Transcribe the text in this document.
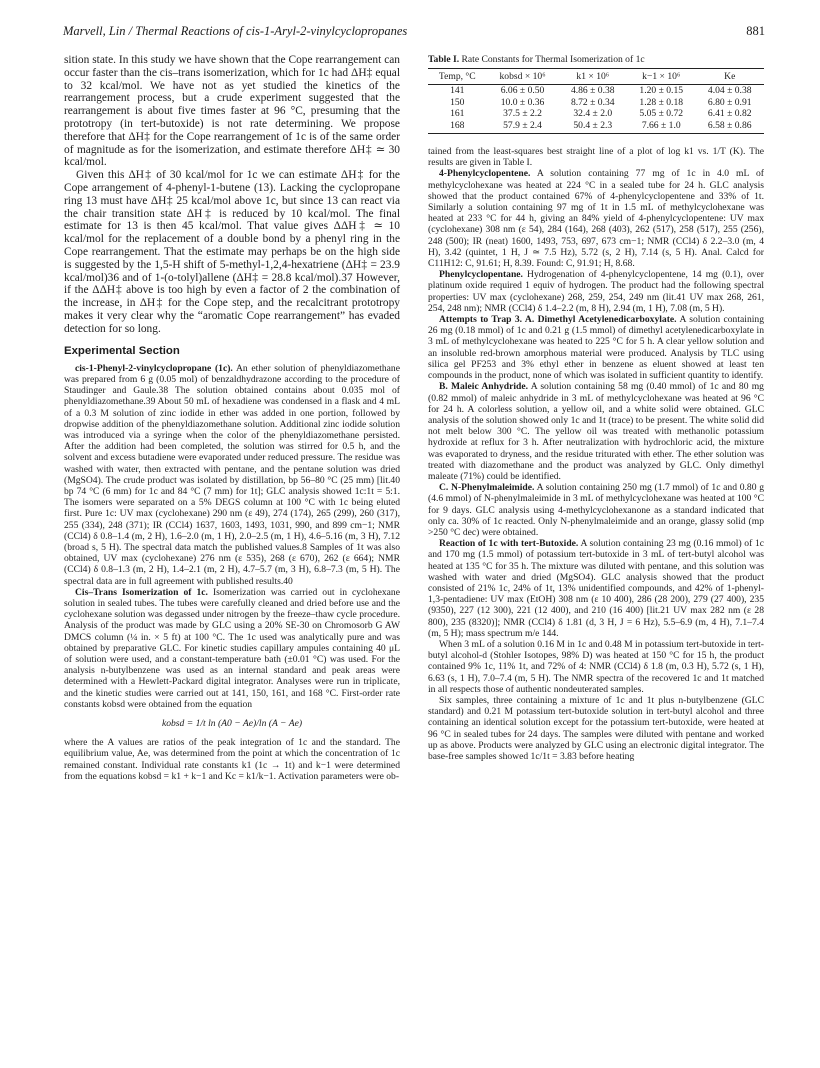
Marvell, Lin / Thermal Reactions of cis-1-Aryl-2-vinylcyclopropanes	881

sition state. In this study we have shown that the Cope rearrangement can occur faster than the cis–trans isomerization, which for 1c had ΔH‡ equal to 32 kcal/mol. We have not as yet studied the kinetics of the rearrangement process, but a crude experiment suggested that the rearrangement is about five times faster at 96 °C, presuming that the prototropy (in tert-butoxide) is not rate determining. We propose therefore that ΔH‡ for the Cope rearrangement of 1c is of the same order of magnitude as for the isomerization, and estimate therefore ΔH‡ ≃ 30 kcal/mol.

Given this ΔH‡ of 30 kcal/mol for 1c we can estimate ΔH‡ for the Cope arrangement of 4-phenyl-1-butene (13). Lacking the cyclopropane ring 13 must have ΔH‡ 25 kcal/mol above 1c, but since 13 can react via the chair transition state ΔH‡ is reduced by 10 kcal/mol. The final estimate for 13 is then 45 kcal/mol. That value gives ΔΔH‡ ≃ 10 kcal/mol for the replacement of a double bond by a phenyl ring in the Cope rearrangement. That the estimate may perhaps be on the high side is suggested by the 1,5-H shift of 5-methyl-1,2,4-hexatriene (ΔH‡ = 23.9 kcal/mol)36 and of 1-(o-tolyl)allene (ΔH‡ = 28.8 kcal/mol).37 However, if the ΔΔH‡ above is too high by even a factor of 2 the combination of the increase, in ΔH‡ for the Cope step, and the recalcitrant prototropy makes it very clear why the “aromatic Cope rearrangement” has evaded detection for so long.

Experimental Section

cis-1-Phenyl-2-vinylcyclopropane (1c). An ether solution of phenyldiazomethane was prepared from 6 g (0.05 mol) of benzaldhydrazone according to the procedure of Staudinger and Gaule.38 The solution obtained contains about 0.035 mol of phenyldiazomethane.39 About 50 mL of hexadiene was condensed in a flask and 4 mL of a 0.3 M solution of zinc iodide in ether was added in one portion, followed by dropwise addition of the phenyldiazomethane solution. Additional zinc iodide solution was introduced via a syringe when the color of the phenyldiazomethane persisted. After the addition had been completed, the solution was stirred for 0.5 h, and the solvent and excess butadiene were evaporated under reduced pressure. The residue was washed with water, then extracted with pentane, and the pentane solution was dried (MgSO4). The crude product was isolated by distillation, bp 56–80 °C (25 mm) [lit.40 bp 74 °C (6 mm) for 1c and 84 °C (7 mm) for 1t]; GLC analysis showed 1c:1t = 5:1. The isomers were separated on a 5% DEGS column at 100 °C with 1c being eluted first. Pure 1c: UV max (cyclohexane) 290 nm (ε 49), 274 (174), 265 (299), 260 (317), 255 (334), 248 (371); IR (CCl4) 1637, 1603, 1493, 1031, 990, and 899 cm−1; NMR (CCl4) δ 0.8–1.4 (m, 2 H), 1.6–2.0 (m, 1 H), 2.0–2.5 (m, 1 H), 4.6–5.16 (m, 3 H), 7.12 (broad s, 5 H). The spectral data match the published values.8 Samples of 1t was also obtained, UV max (cyclohexane) 276 nm (ε 535), 268 (ε 670), 262 (ε 664); NMR (CCl4) δ 0.8–1.3 (m, 2 H), 1.4–2.1 (m, 2 H), 4.7–5.7 (m, 3 H), 6.8–7.3 (m, 5 H). The spectral data are in full agreement with published results.40

Cis–Trans Isomerization of 1c. Isomerization was carried out in cyclohexane solution in sealed tubes. The tubes were carefully cleaned and dried before use and the cyclohexane solution was degassed under nitrogen by the freeze–thaw cycle procedure. Analysis of the product was made by GLC using a 20% SE-30 on Chromosorb G AW DMCS column (¼ in. × 5 ft) at 100 °C. The 1c used was analytically pure and was obtained by preparative GLC. For kinetic studies capillary ampules containing 40 μL of solution were used, and a constant-temperature bath (±0.01 °C) was used. For the analysis n-butylbenzene was used as an internal standard and peak areas were determined with a Hewlett-Packard digital integrator. Analyses were run in triplicate, and the kinetic studies were carried out at 141, 150, 161, and 168 °C. First-order rate constants kobsd were obtained from the equation

kobsd = 1/t ln (A0 − Ae)/ln (A − Ae)

where the A values are ratios of the peak integration of 1c and the standard. The equilibrium value, Ae, was determined from the point at which the concentration of 1c remained constant. Individual rate constants k1 (1c → 1t) and k−1 were determined from the equations kobsd = k1 + k−1 and Kc = k1/k−1. Activation parameters were ob-

Table I. Rate Constants for Thermal Isomerization of 1c
Temp, °C	kobsd × 10⁶	k1 × 10⁶	k−1 × 10⁶	Ke
141	6.06 ± 0.50	4.86 ± 0.38	1.20 ± 0.15	4.04 ± 0.38
150	10.0 ± 0.36	8.72 ± 0.34	1.28 ± 0.18	6.80 ± 0.91
161	37.5 ± 2.2	32.4 ± 2.0	5.05 ± 0.72	6.41 ± 0.82
168	57.9 ± 2.4	50.4 ± 2.3	7.66 ± 1.0	6.58 ± 0.86

tained from the least-squares best straight line of a plot of log k1 vs. 1/T (K). The results are given in Table I.

4-Phenylcyclopentene. A solution containing 77 mg of 1c in 4.0 mL of methylcyclohexane was heated at 224 °C in a sealed tube for 24 h. GLC analysis showed that the product contained 67% of 4-phenylcyclopentene and 33% of 1t. Similarly a solution containing 97 mg of 1t in 1.5 mL of methylcyclohexane was heated at 233 °C for 44 h, giving an 84% yield of 4-phenylcyclopentene: UV max (cyclohexane) 308 nm (ε 54), 284 (164), 268 (403), 262 (517), 258 (517), 255 (256), 248 (500); IR (neat) 1600, 1493, 753, 697, 673 cm−1; NMR (CCl4) δ 2.2–3.0 (m, 4 H), 3.42 (quintet, 1 H, J ≃ 7.5 Hz), 5.72 (s, 2 H), 7.14 (s, 5 H). Anal. Calcd for C11H12: C, 91.61; H, 8.39. Found: C, 91.91; H, 8.68.

Phenylcyclopentane. Hydrogenation of 4-phenylcyclopentene, 14 mg (0.1), over platinum oxide required 1 equiv of hydrogen. The product had the following spectral properties: UV max (cyclohexane) 268, 259, 254, 249 nm (lit.41 UV max 268, 261, 254, 248 nm); NMR (CCl4) δ 1.4–2.2 (m, 8 H), 2.94 (m, 1 H), 7.08 (m, 5 H).

Attempts to Trap 3. A. Dimethyl Acetylenedicarboxylate. A solution containing 26 mg (0.18 mmol) of 1c and 0.21 g (1.5 mmol) of dimethyl acetylenedicarboxylate in 3 mL of methylcyclohexane was heated to 225 °C for 5 h. A clear yellow solution and an insoluble red-brown amorphous material were produced. Analysis by TLC using silica gel PF253 and 3% ethyl ether in benzene as eluent showed at least ten compounds in the product, none of which was isolated in sufficient quantity to identify.

B. Maleic Anhydride. A solution containing 58 mg (0.40 mmol) of 1c and 80 mg (0.82 mmol) of maleic anhydride in 3 mL of methylcyclohexane was heated at 96 °C for 24 h. A colorless solution, a yellow oil, and a white solid were obtained. GLC analysis of the solution showed only 1c and 1t (trace) to be present. The white solid did not melt below 300 °C. The yellow oil was treated with methanolic potassium hydroxide at reflux for 3 h. After neutralization with hydrochloric acid, the mixture was evaporated to dryness, and the residue triturated with ether. The ether solution was treated with diazomethane and the product was analyzed by GLC. Only dimethyl maleate (71%) could be identified.

C. N-Phenylmaleimide. A solution containing 250 mg (1.7 mmol) of 1c and 0.80 g (4.6 mmol) of N-phenylmaleimide in 3 mL of methylcyclohexane was heated at 100 °C for 9 days. GLC analysis using 4-methylcyclohexanone as a standard indicated that only ca. 30% of 1c reacted. Only N-phenylmaleimide and an orange, glassy solid (mp >250 °C dec) were obtained.

Reaction of 1c with tert-Butoxide. A solution containing 23 mg (0.16 mmol) of 1c and 170 mg (1.5 mmol) of potassium tert-butoxide in 3 mL of tert-butyl alcohol was heated at 135 °C for 35 h. The mixture was diluted with pentane, and this solution was washed with water and dried (MgSO4). GLC analysis showed that the product consisted of 21% 1c, 24% of 1t, 13% unidentified compounds, and 42% of 1-phenyl-1,3-pentadiene: UV max (EtOH) 308 nm (ε 10 400), 286 (28 200), 279 (27 400), 235 (9350), 227 (12 300), 221 (12 400), and 210 (16 400) [lit.21 UV max 282 nm (ε 28 800), 235 (8320)]; NMR (CCl4) δ 1.81 (d, 3 H, J = 6 Hz), 5.5–6.9 (m, 4 H), 7.1–7.4 (m, 5 H); mass spectrum m/e 144.

When 3 mL of a solution 0.16 M in 1c and 0.48 M in potassium tert-butoxide in tert-butyl alcohol-d (Stohler Isotopes, 98% D) was heated at 150 °C for 15 h, the product contained 9% 1c, 11% 1t, and 72% of 4: NMR (CCl4) δ 1.8 (m, 0.3 H), 5.72 (s, 1 H), 6.63 (s, 1 H), 7.0–7.4 (m, 5 H). The NMR spectra of the recovered 1c and 1t matched in all respects those of authentic nondeuterated samples.

Six samples, three containing a mixture of 1c and 1t plus n-butylbenzene (GLC standard) and 0.21 M potassium tert-butoxide solution in tert-butyl alcohol and three containing an identical solution except for the potassium tert-butoxide, were heated at 96 °C in sealed tubes for 24 days. The samples were diluted with pentane and worked up as above. Products were analyzed by GLC using an electronic digital integrator. The base-free samples showed 1c/1t = 3.83 before heating
